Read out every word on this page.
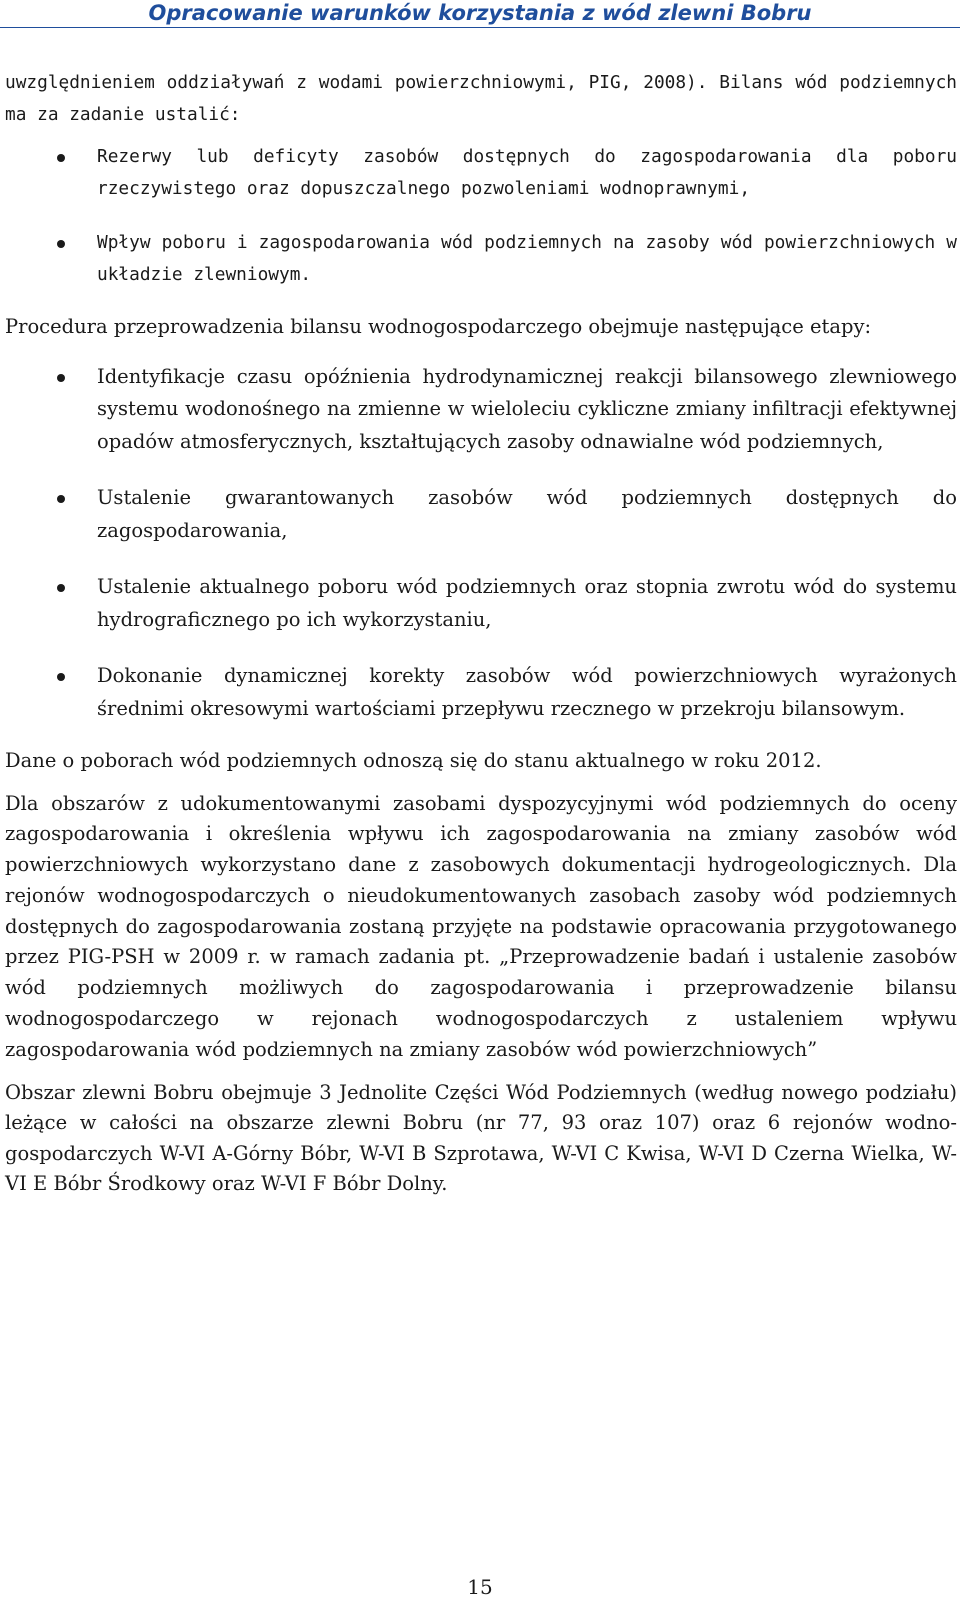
Opracowanie warunków korzystania z wód zlewni Bobru

uwzględnieniem oddziaływań z wodami powierzchniowymi, PIG, 2008). Bilans wód podziemnych ma za zadanie ustalić:

Rezerwy lub deficyty zasobów dostępnych do zagospodarowania dla poboru rzeczywistego oraz dopuszczalnego pozwoleniami wodnoprawnymi,

Wpływ poboru i zagospodarowania wód podziemnych na zasoby wód powierzchniowych w układzie zlewniowym.

Procedura przeprowadzenia bilansu wodnogospodarczego obejmuje następujące etapy:

Identyfikacje czasu opóźnienia hydrodynamicznej reakcji bilansowego zlewniowego systemu wodonośnego na zmienne w wieloleciu cykliczne zmiany infiltracji efektywnej opadów atmosferycznych, kształtujących zasoby odnawialne wód podziemnych,

Ustalenie gwarantowanych zasobów wód podziemnych dostępnych do zagospodarowania,

Ustalenie aktualnego poboru wód podziemnych oraz stopnia zwrotu wód do systemu hydrograficznego po ich wykorzystaniu,

Dokonanie dynamicznej korekty zasobów wód powierzchniowych wyrażonych średnimi okresowymi wartościami przepływu rzecznego w przekroju bilansowym.

Dane o poborach wód podziemnych odnoszą się do stanu aktualnego w roku 2012.

Dla obszarów z udokumentowanymi zasobami dyspozycyjnymi wód podziemnych do oceny zagospodarowania i określenia wpływu ich zagospodarowania na zmiany zasobów wód powierzchniowych wykorzystano dane z zasobowych dokumentacji hydrogeologicznych. Dla rejonów wodnogospodarczych o nieudokumentowanych zasobach zasoby wód podziemnych dostępnych do zagospodarowania zostaną przyjęte na podstawie opracowania przygotowanego przez PIG-PSH w 2009 r. w ramach zadania pt. „Przeprowadzenie badań i ustalenie zasobów wód podziemnych możliwych do zagospodarowania i przeprowadzenie bilansu wodnogospodarczego w rejonach wodnogospodarczych z ustaleniem wpływu zagospodarowania wód podziemnych na zmiany zasobów wód powierzchniowych”

Obszar zlewni Bobru obejmuje 3 Jednolite Części Wód Podziemnych (według nowego podziału) leżące w całości na obszarze zlewni Bobru (nr 77, 93 oraz 107) oraz 6 rejonów wodno-gospodarczych W-VI A-Górny Bóbr, W-VI B Szprotawa, W-VI C Kwisa, W-VI D Czerna Wielka, W-VI E Bóbr Środkowy oraz W-VI F Bóbr Dolny.

15
